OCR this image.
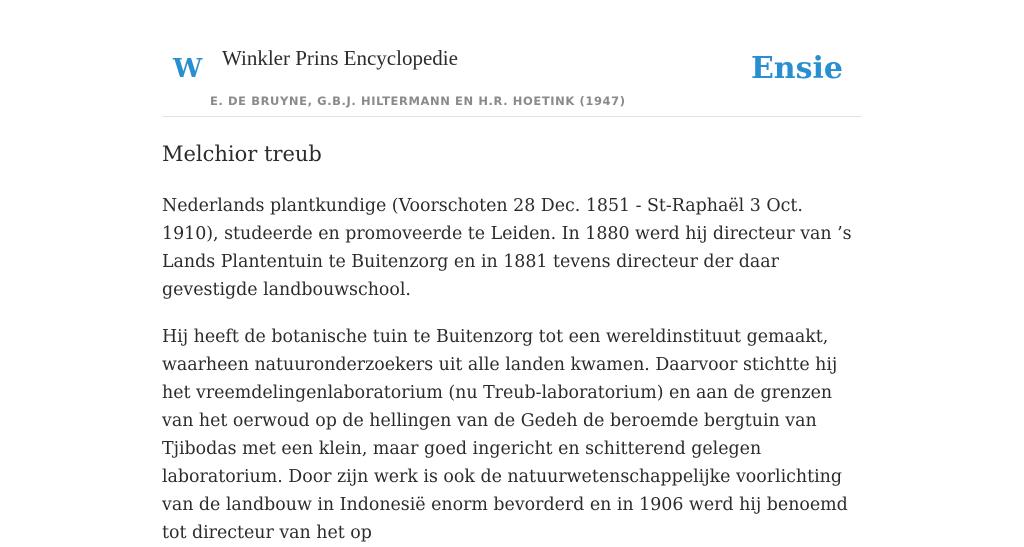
W Winkler Prins Encyclopedie
E. DE BRUYNE, G.B.J. HILTERMANN EN H.R. HOETINK (1947)
Ensie
Melchior treub

Nederlands plantkundige (Voorschoten 28 Dec. 1851 - St-Raphaël 3 Oct. 1910), studeerde en promoveerde te Leiden. In 1880 werd hij directeur van ’s Lands Plantentuin te Buitenzorg en in 1881 tevens directeur der daar gevestigde landbouwschool.

Hij heeft de botanische tuin te Buitenzorg tot een wereldinstituut gemaakt, waarheen natuuronderzoekers uit alle landen kwamen. Daarvoor stichtte hij het vreemdelingenlaboratorium (nu Treub-laboratorium) en aan de grenzen van het oerwoud op de hellingen van de Gedeh de beroemde bergtuin van Tjibodas met een klein, maar goed ingericht en schitterend gelegen laboratorium. Door zijn werk is ook de natuurwetenschappelijke voorlichting van de landbouw in Indonesië enorm bevorderd en in 1906 werd hij benoemd tot directeur van het op
